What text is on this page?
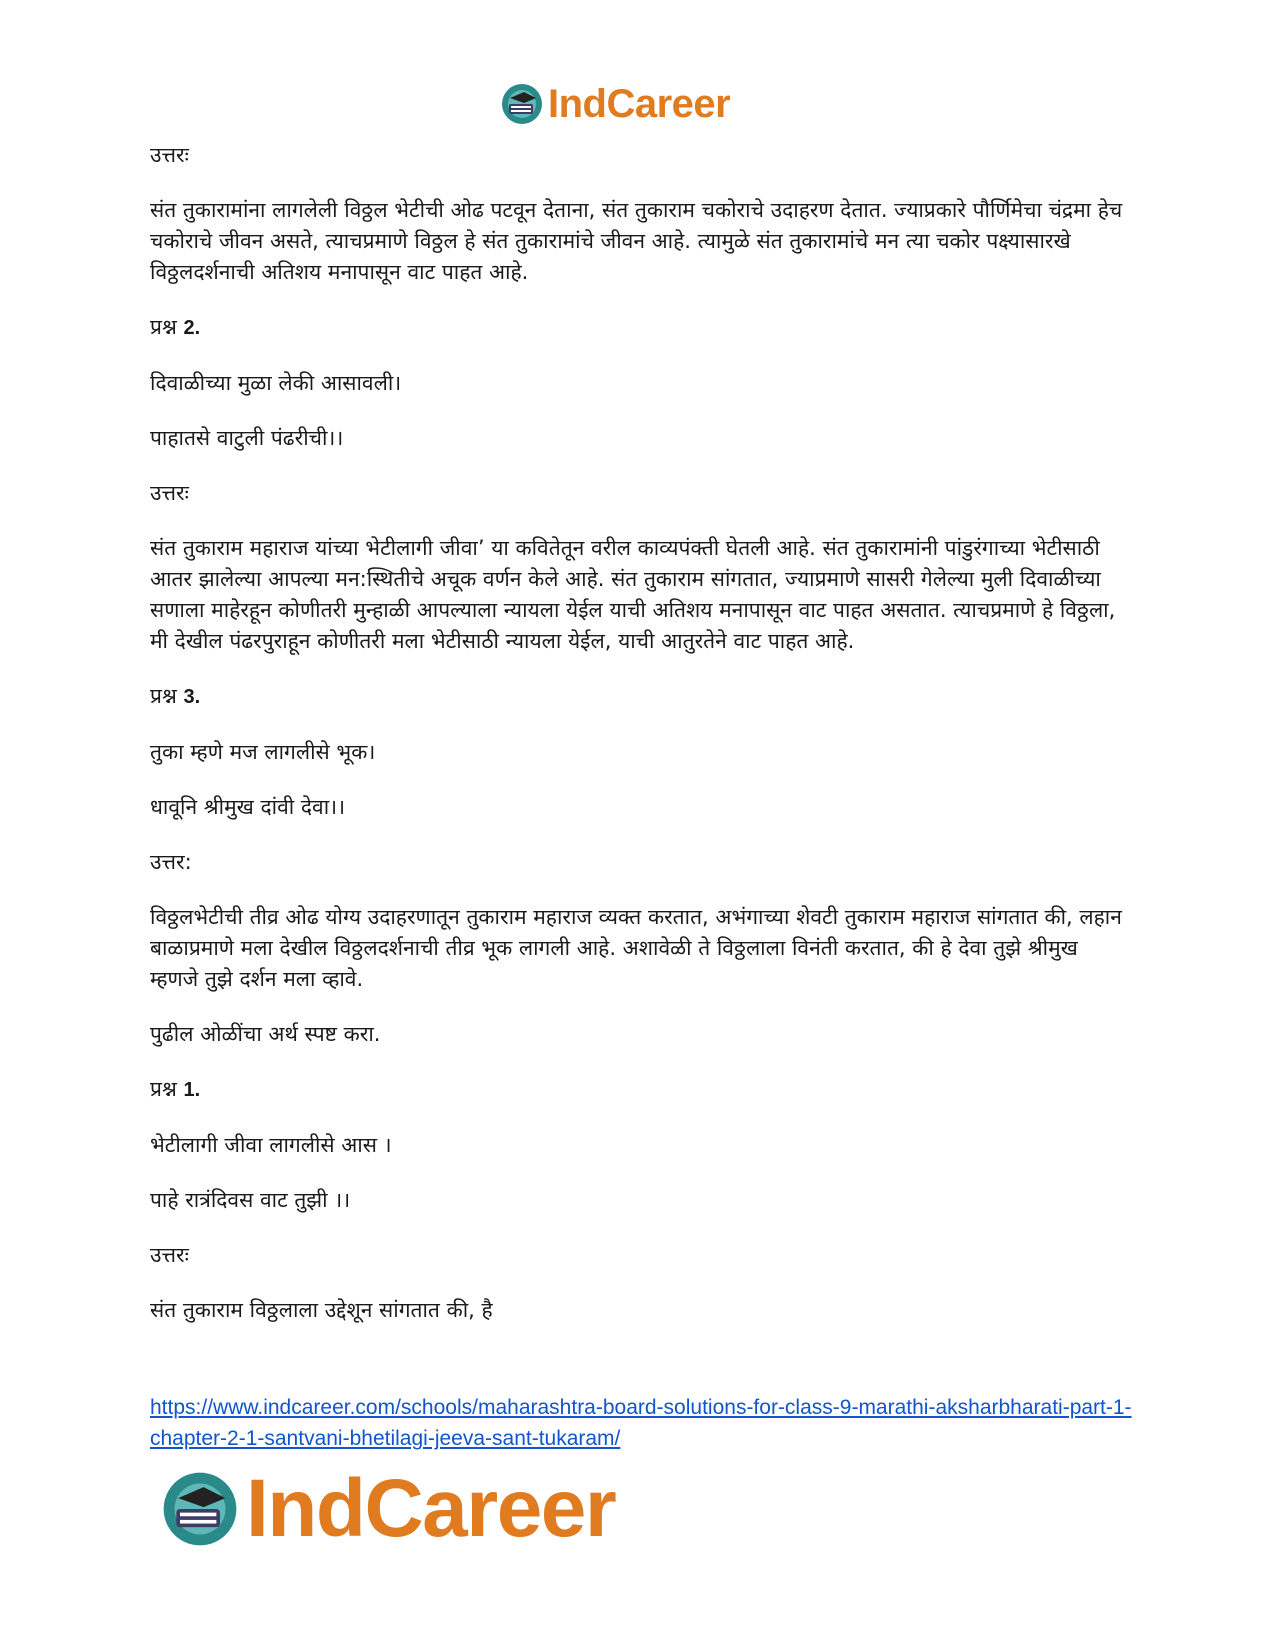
IndCareer

उत्तरः

संत तुकारामांना लागलेली विठ्ठल भेटीची ओढ पटवून देताना, संत तुकाराम चकोराचे उदाहरण देतात. ज्याप्रकारे पौर्णिमेचा चंद्रमा हेच चकोराचे जीवन असते, त्याचप्रमाणे विठ्ठल हे संत तुकारामांचे जीवन आहे. त्यामुळे संत तुकारामांचे मन त्या चकोर पक्ष्यासारखे विठ्ठलदर्शनाची अतिशय मनापासून वाट पाहत आहे.

प्रश्न 2.

दिवाळीच्या मुळा लेकी आसावली।

पाहातसे वाटुली पंढरीची।।

उत्तरः

संत तुकाराम महाराज यांच्या भेटीलागी जीवा’ या कवितेतून वरील काव्यपंक्ती घेतली आहे. संत तुकारामांनी पांडुरंगाच्या भेटीसाठी आतर झालेल्या आपल्या मन:स्थितीचे अचूक वर्णन केले आहे. संत तुकाराम सांगतात, ज्याप्रमाणे सासरी गेलेल्या मुली दिवाळीच्या सणाला माहेरहून कोणीतरी मुन्हाळी आपल्याला न्यायला येईल याची अतिशय मनापासून वाट पाहत असतात. त्याचप्रमाणे हे विठ्ठला, मी देखील पंढरपुराहून कोणीतरी मला भेटीसाठी न्यायला येईल, याची आतुरतेने वाट पाहत आहे.

प्रश्न 3.

तुका म्हणे मज लागलीसे भूक।

धावूनि श्रीमुख दांवी देवा।।

उत्तर:

विठ्ठलभेटीची तीव्र ओढ योग्य उदाहरणातून तुकाराम महाराज व्यक्त करतात, अभंगाच्या शेवटी तुकाराम महाराज सांगतात की, लहान बाळाप्रमाणे मला देखील विठ्ठलदर्शनाची तीव्र भूक लागली आहे. अशावेळी ते विठ्ठलाला विनंती करतात, की हे देवा तुझे श्रीमुख म्हणजे तुझे दर्शन मला व्हावे.

पुढील ओळींचा अर्थ स्पष्ट करा.

प्रश्न 1.

भेटीलागी जीवा लागलीसे आस ।

पाहे रात्रंदिवस वाट तुझी ।।

उत्तरः

संत तुकाराम विठ्ठलाला उद्देशून सांगतात की, है

https://www.indcareer.com/schools/maharashtra-board-solutions-for-class-9-marathi-aksharbharati-part-1-chapter-2-1-santvani-bhetilagi-jeeva-sant-tukaram/
IndCareer
